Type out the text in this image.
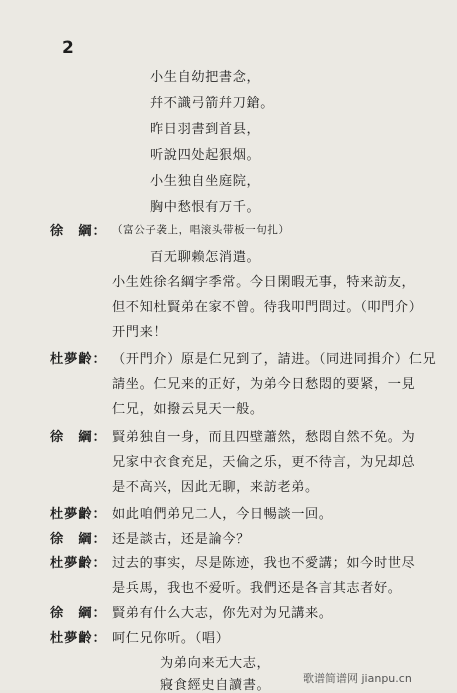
2
小生自幼把書念，
幷不識弓箭幷刀鎗。
昨日羽書到首县，
听說四处起狠烟。
小生独自坐庭院，
胸中愁恨有万千。
徐　綱： （富公子袭上，唱滚头带板一句扎）
百无聊赖怎消遣。
小生姓徐名綱字季常。今日閑暇无事，特来訪友，
但不知杜賢弟在家不曾。待我叩門問过。（叩門介）
开門来！
杜夢齡： （开門介）原是仁兄到了，請进。（同进同揖介）仁兄
請坐。仁兄来的正好，为弟今日愁悶的要紧，一見
仁兄，如撥云見天一般。
徐　綱： 賢弟独自一身，而且四壁蕭然，愁悶自然不免。为
兄家中衣食充足，天倫之乐，更不待言，为兄却总
是不高兴，因此无聊，来訪老弟。
杜夢齡： 如此咱們弟兄二人，今日暢談一回。
徐　綱： 还是談古，还是論今？
杜夢齡： 过去的事实，尽是陈迹，我也不愛講；如今时世尽
是兵馬，我也不爱听。我們还是各言其志者好。
徐　綱： 賢弟有什么大志，你先对为兄講来。
杜夢齡： 呵仁兄你听。（唱）
为弟向来无大志，
寢食經史自讀書。	歌谱简谱网 jianpu.cn
